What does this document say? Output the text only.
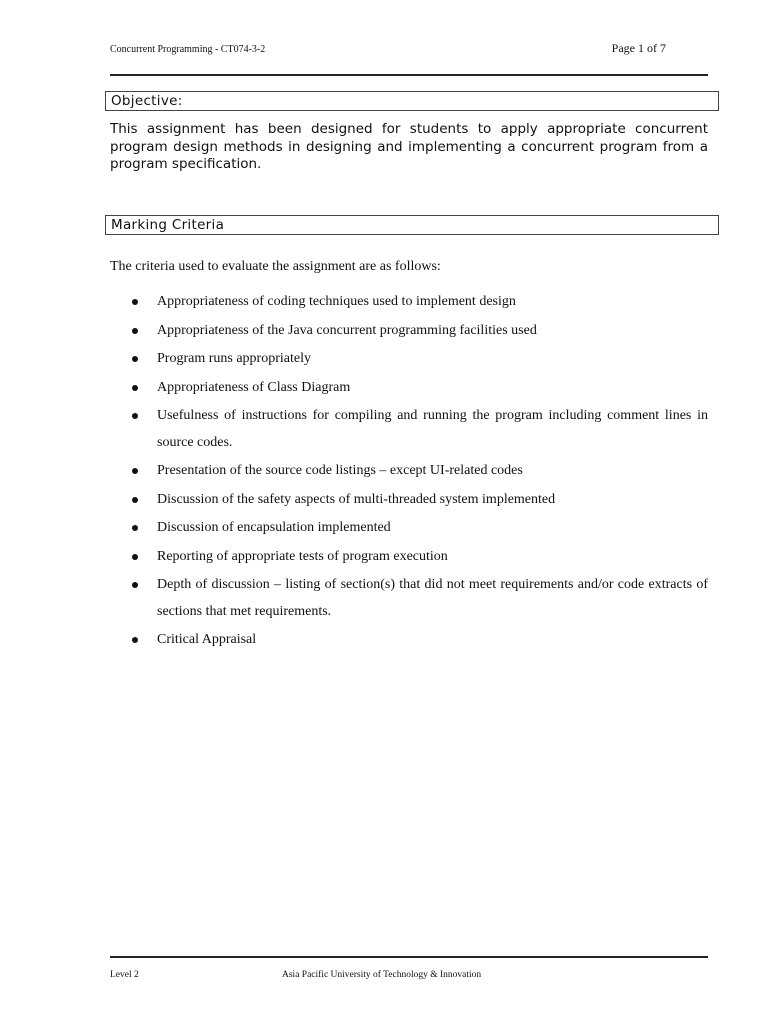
Concurrent Programming - CT074-3-2	Page 1 of 7
Objective:

This assignment has been designed for students to apply appropriate concurrent program design methods in designing and implementing a concurrent program from a program specification.

Marking Criteria

The criteria used to evaluate the assignment are as follows:

Appropriateness of coding techniques used to implement design
Appropriateness of the Java concurrent programming facilities used
Program runs appropriately
Appropriateness of Class Diagram
Usefulness of instructions for compiling and running the program including comment lines in source codes.
Presentation of the source code listings – except UI-related codes
Discussion of the safety aspects of multi-threaded system implemented
Discussion of encapsulation implemented
Reporting of appropriate tests of program execution
Depth of discussion – listing of section(s) that did not meet requirements and/or code extracts of sections that met requirements.
Critical Appraisal
Level 2	Asia Pacific University of Technology & Innovation
